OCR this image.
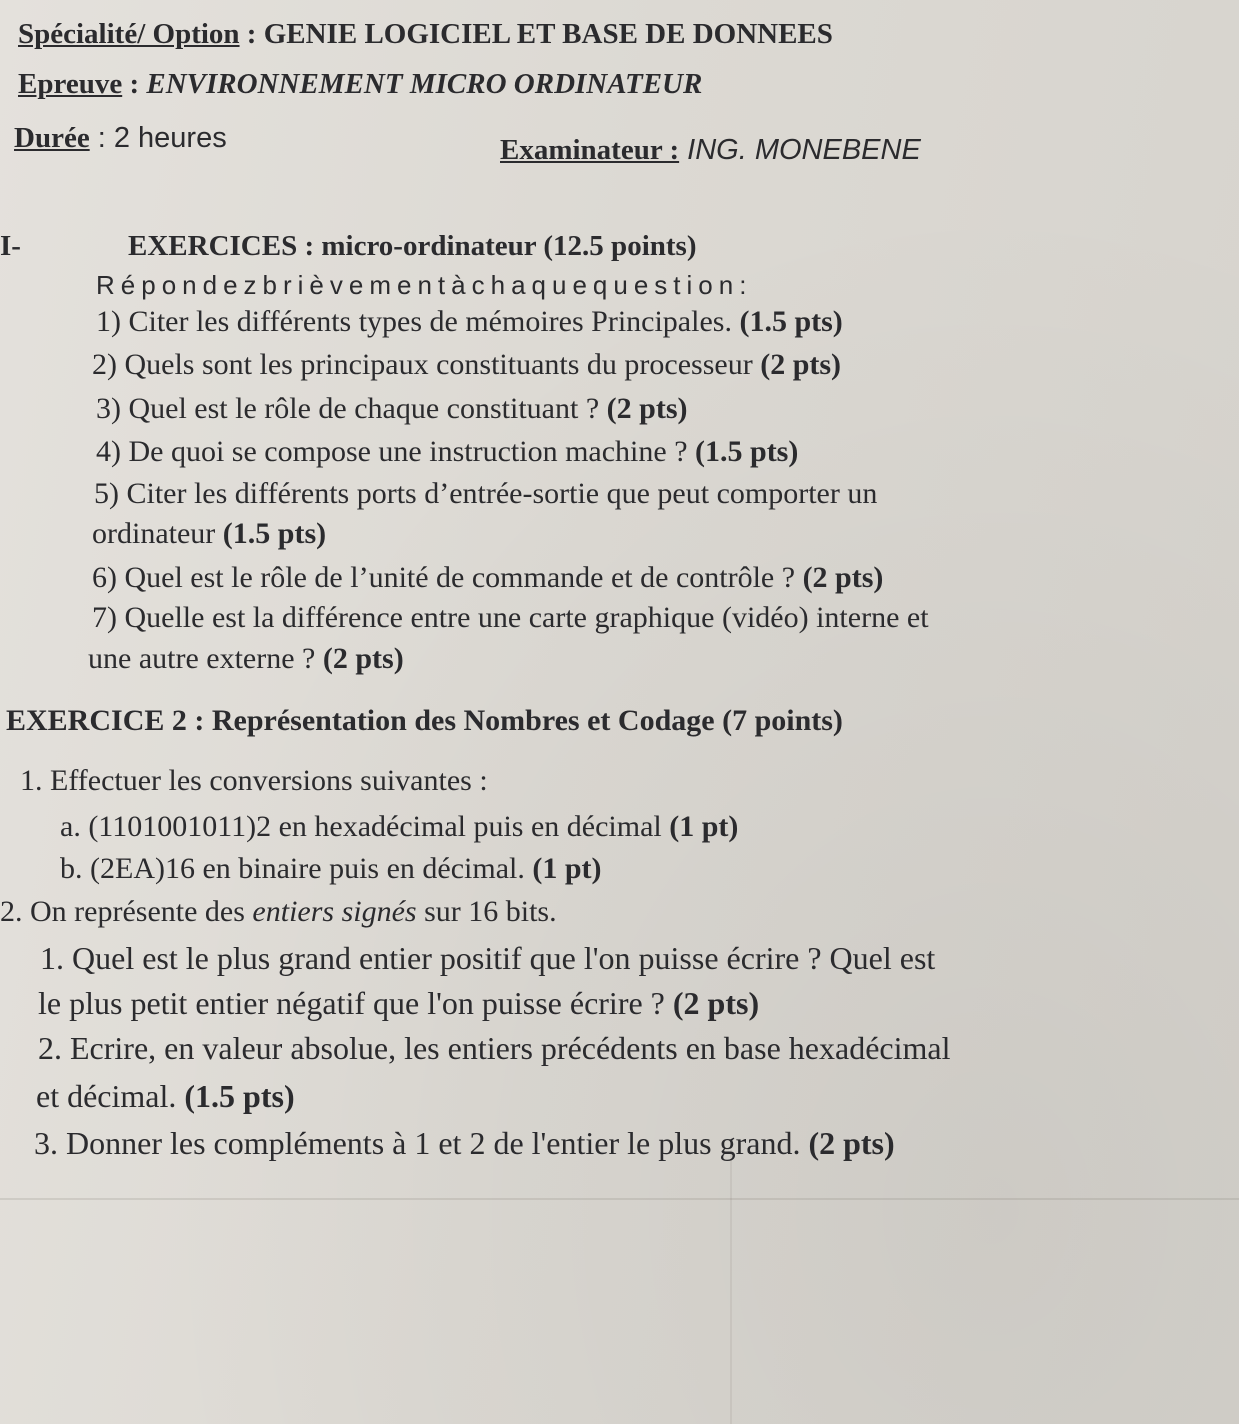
Spécialité/ Option : GENIE LOGICIEL ET BASE DE DONNEES
Epreuve : ENVIRONNEMENT MICRO ORDINATEUR
Durée : 2 heures	Examinateur : ING. MONEBENE
I-	EXERCICES : micro-ordinateur (12.5 points)
Répondezbrièvementàchaquequestion:
1) Citer les différents types de mémoires Principales. (1.5 pts)
2) Quels sont les principaux constituants du processeur (2 pts)
3) Quel est le rôle de chaque constituant ? (2 pts)
4) De quoi se compose une instruction machine ? (1.5 pts)
5) Citer les différents ports d’entrée-sortie que peut comporter un
ordinateur (1.5 pts)
6) Quel est le rôle de l’unité de commande et de contrôle ? (2 pts)
7) Quelle est la différence entre une carte graphique (vidéo) interne et
une autre externe ? (2 pts)
EXERCICE 2 : Représentation des Nombres et Codage (7 points)
1. Effectuer les conversions suivantes :
a. (1101001011)2 en hexadécimal puis en décimal (1 pt)
b. (2EA)16 en binaire puis en décimal. (1 pt)
2. On représente des entiers signés sur 16 bits.
1. Quel est le plus grand entier positif que l'on puisse écrire ? Quel est
le plus petit entier négatif que l'on puisse écrire ? (2 pts)
2. Ecrire, en valeur absolue, les entiers précédents en base hexadécimal
et décimal. (1.5 pts)
3. Donner les compléments à 1 et 2 de l'entier le plus grand. (2 pts)
